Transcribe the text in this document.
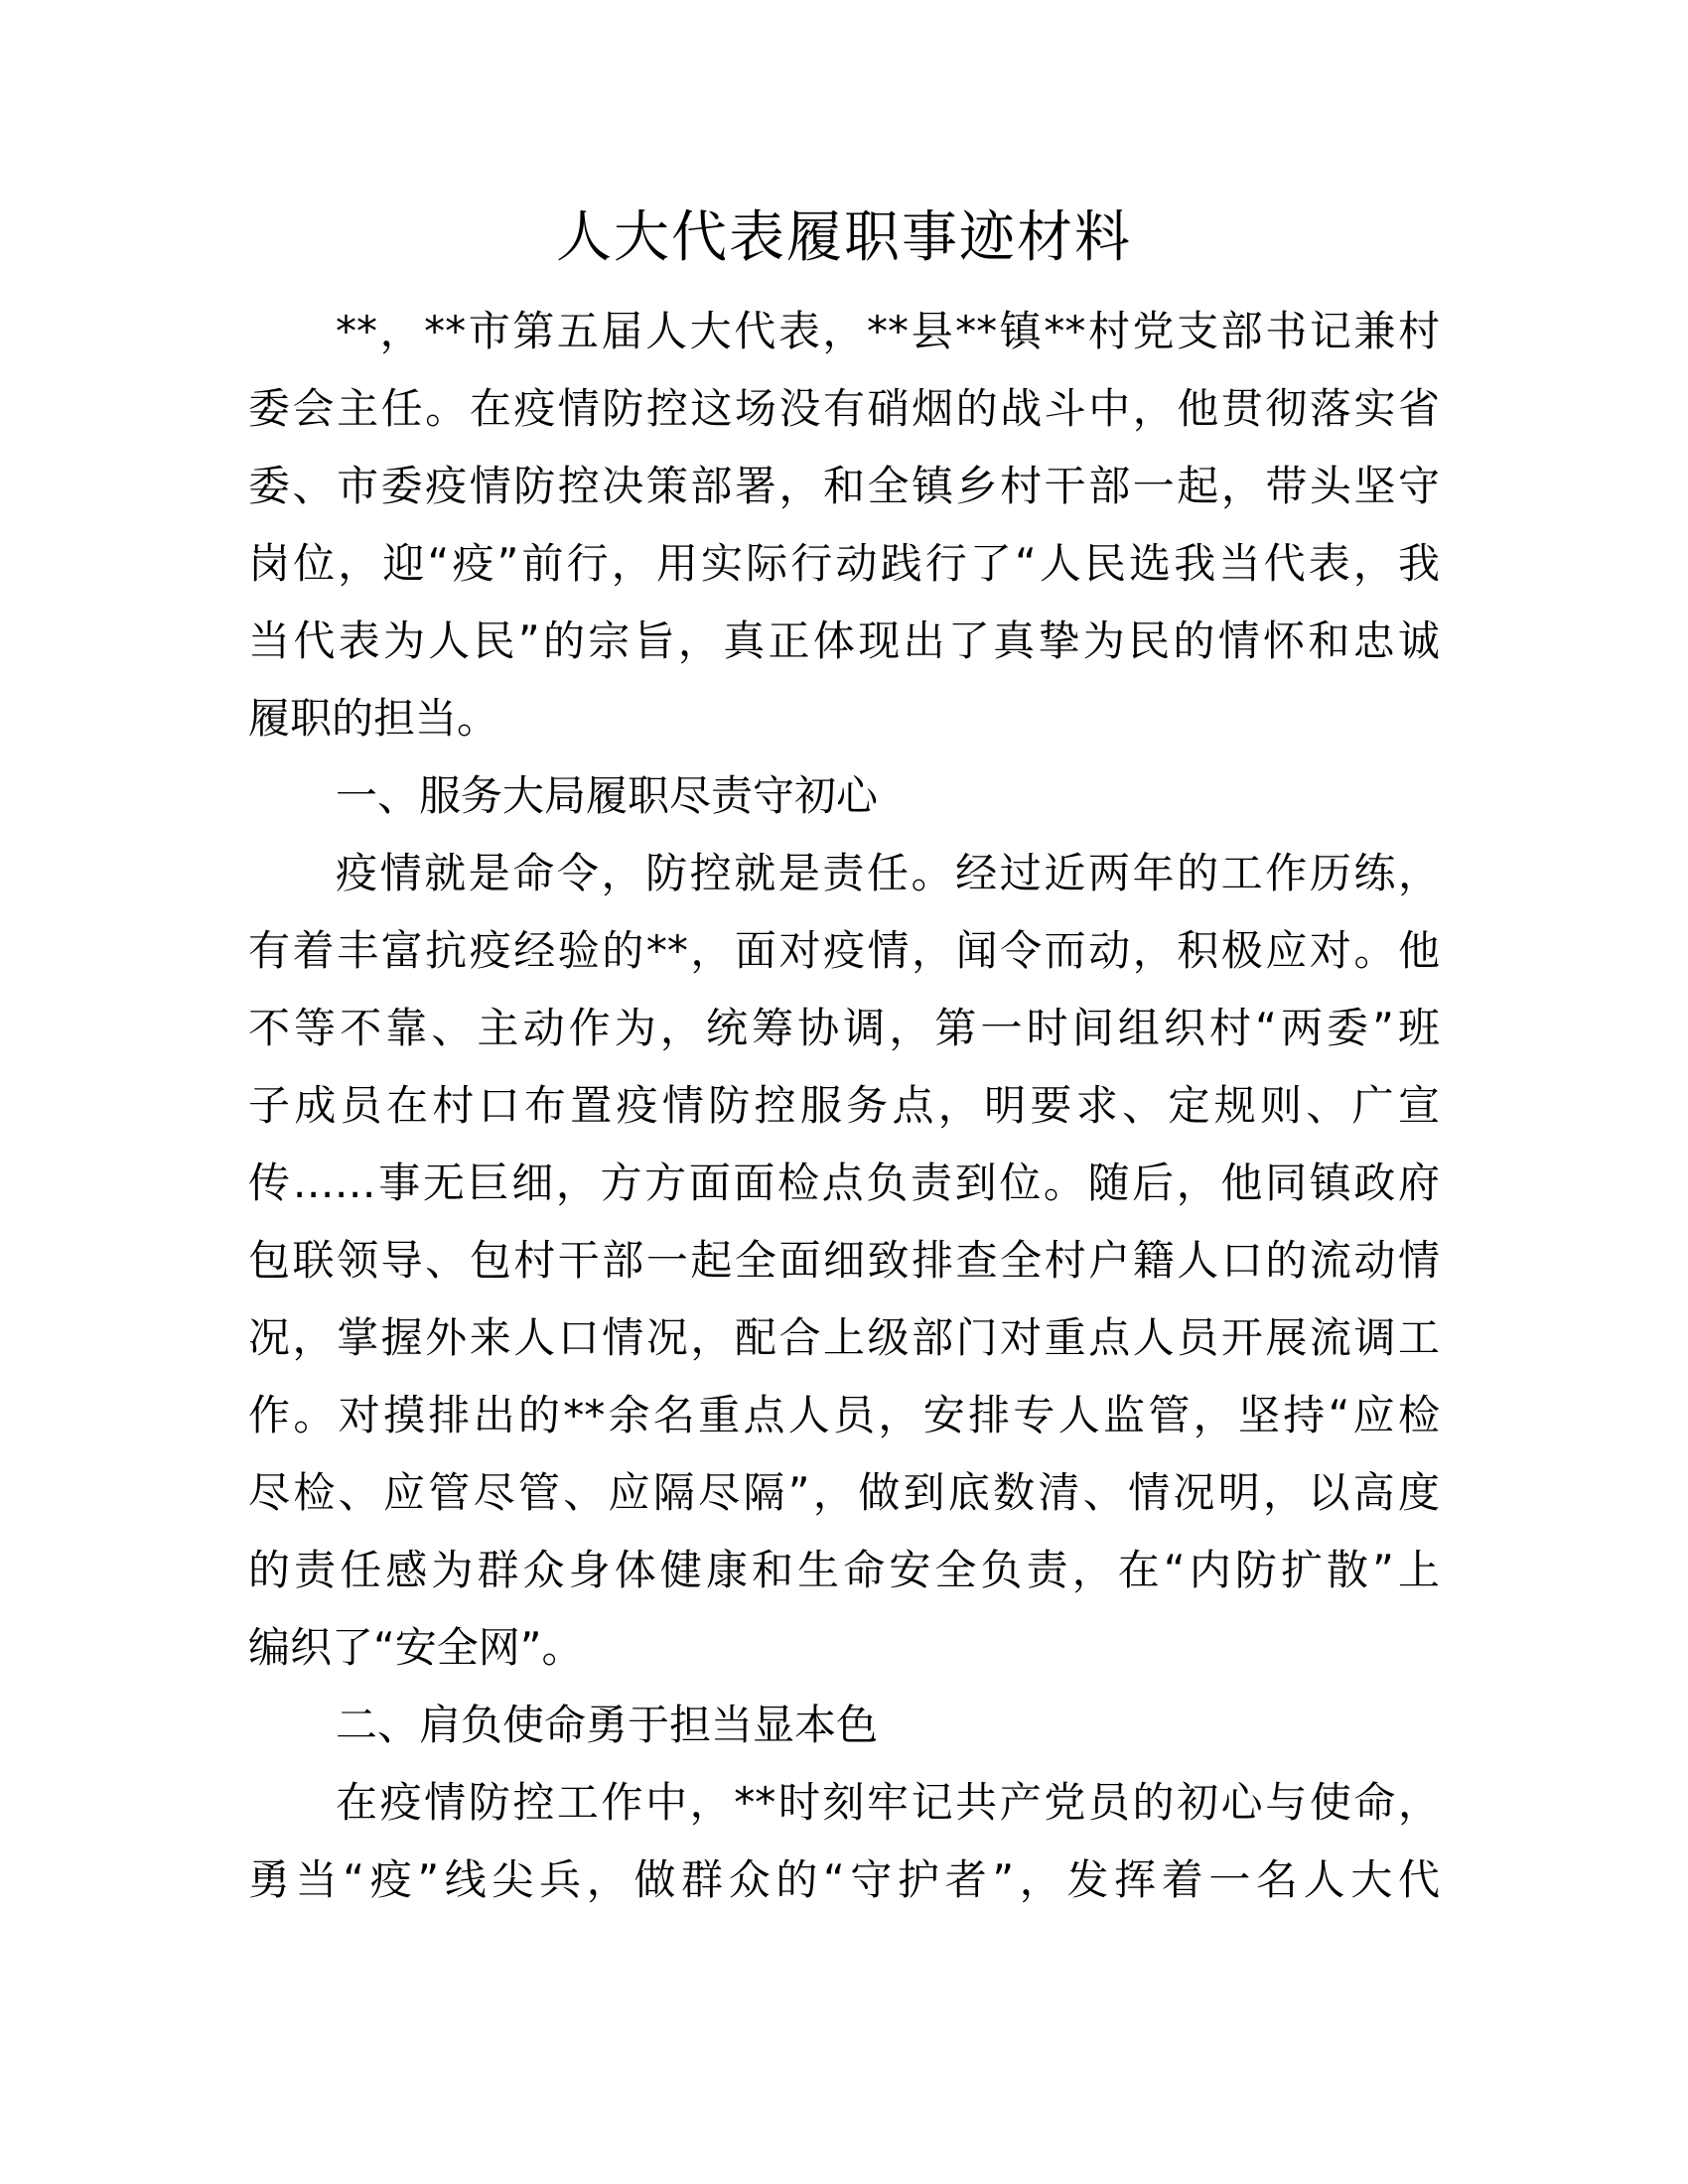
人大代表履职事迹材料
**，**市第五届人大代表，**县**镇**村党支部书记兼村
委会主任。在疫情防控这场没有硝烟的战斗中，他贯彻落实省
委、市委疫情防控决策部署，和全镇乡村干部一起，带头坚守
岗位，迎“疫”前行，用实际行动践行了“人民选我当代表，我
当代表为人民”的宗旨，真正体现出了真挚为民的情怀和忠诚
履职的担当。
一、服务大局履职尽责守初心
疫情就是命令，防控就是责任。经过近两年的工作历练，
有着丰富抗疫经验的**，面对疫情，闻令而动，积极应对。他
不等不靠、主动作为，统筹协调，第一时间组织村“两委”班
子成员在村口布置疫情防控服务点，明要求、定规则、广宣
传……事无巨细，方方面面检点负责到位。随后，他同镇政府
包联领导、包村干部一起全面细致排查全村户籍人口的流动情
况，掌握外来人口情况，配合上级部门对重点人员开展流调工
作。对摸排出的**余名重点人员，安排专人监管，坚持“应检
尽检、应管尽管、应隔尽隔”，做到底数清、情况明，以高度
的责任感为群众身体健康和生命安全负责，在“内防扩散”上
编织了“安全网”。
二、肩负使命勇于担当显本色
在疫情防控工作中，**时刻牢记共产党员的初心与使命，
勇当“疫”线尖兵，做群众的“守护者”，发挥着一名人大代
